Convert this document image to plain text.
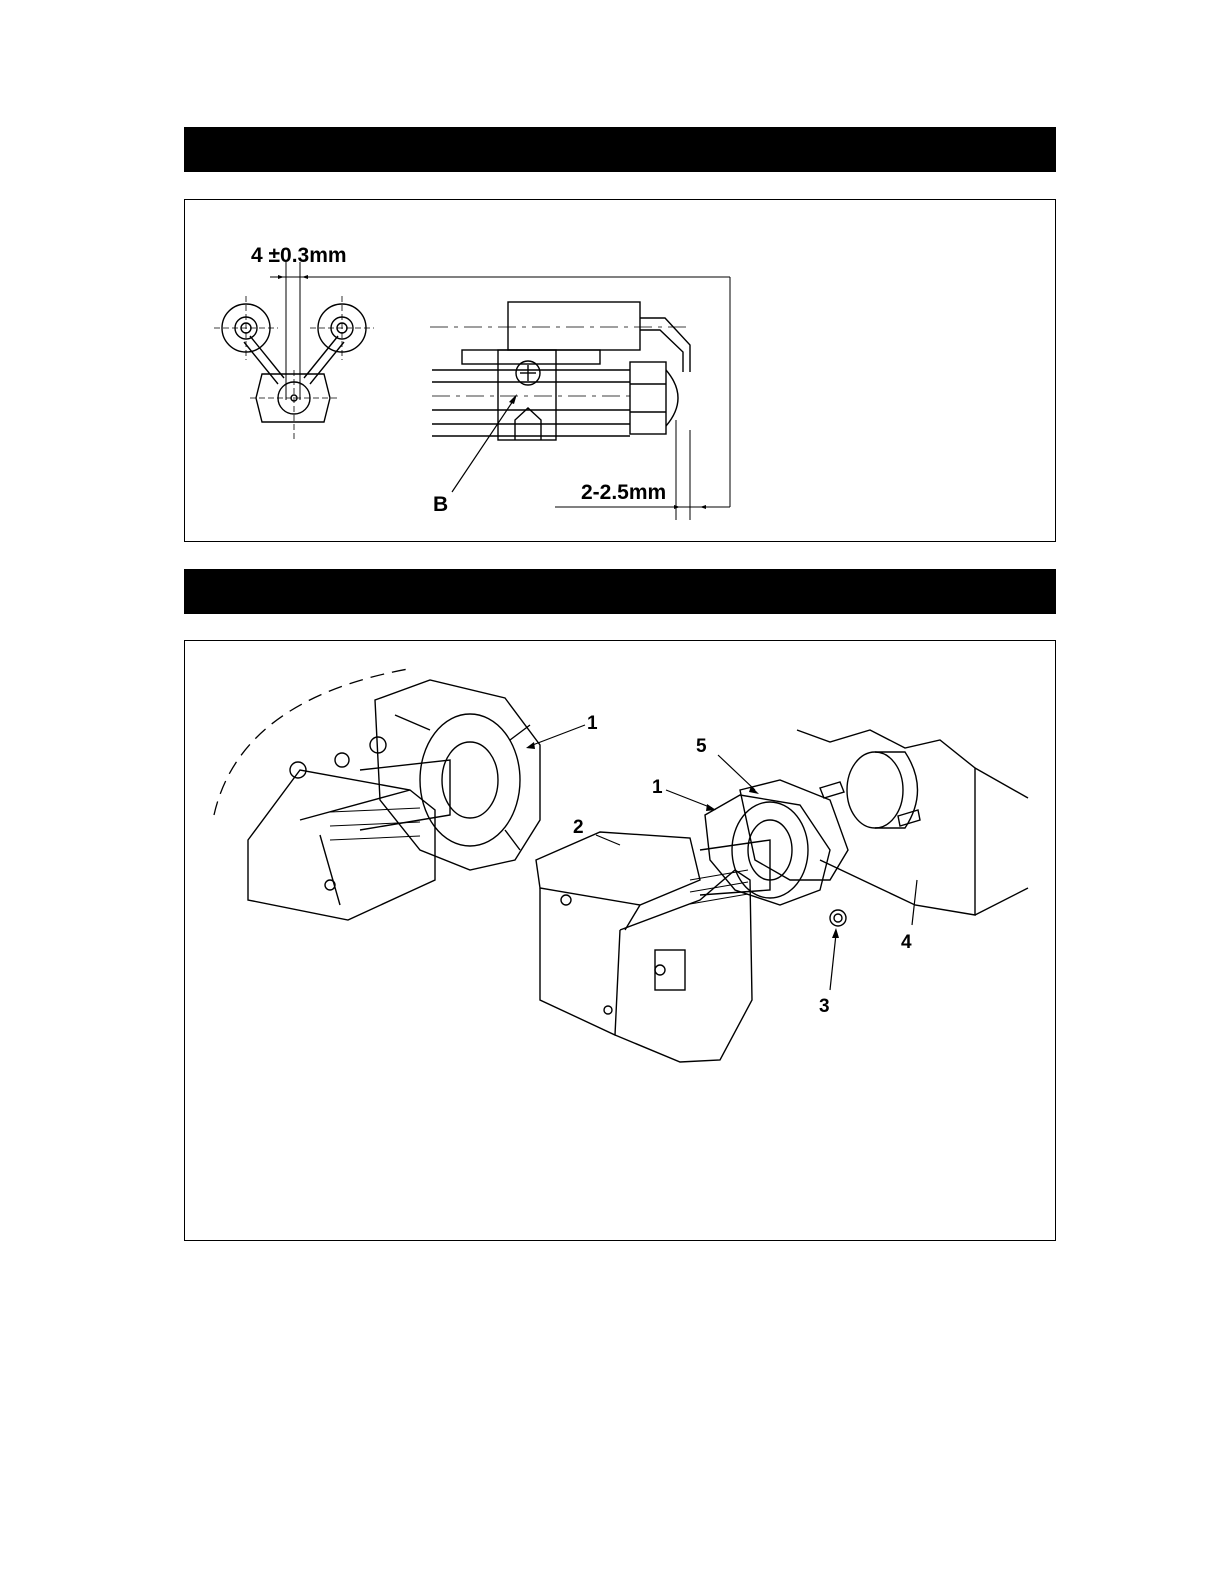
4 ±0.3mm
B
2-2.5mm
1
5
1
2
4
3
